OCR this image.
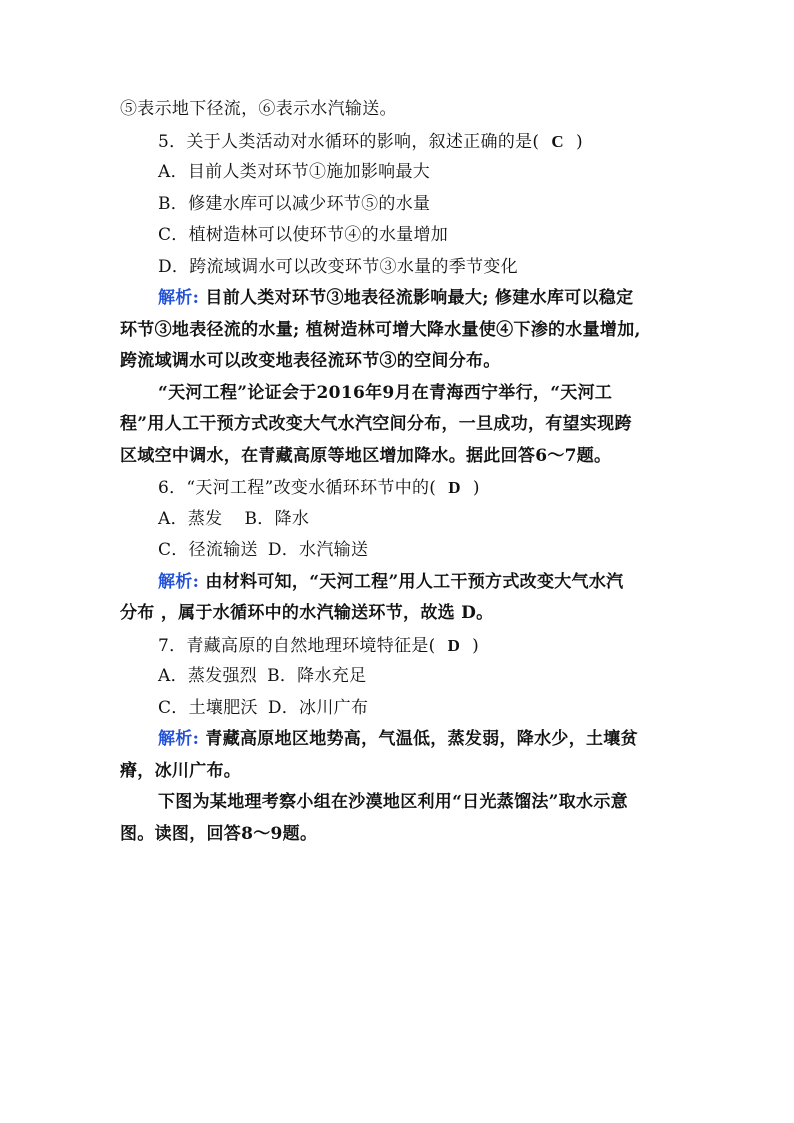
⑤表示地下径流，⑥表示水汽输送。
5．关于人类活动对水循环的影响，叙述正确的是( C )
A．目前人类对环节①施加影响最大
B．修建水库可以减少环节⑤的水量
C．植树造林可以使环节④的水量增加
D．跨流域调水可以改变环节③水量的季节变化
解析: 目前人类对环节③地表径流影响最大; 修建水库可以稳定
环节③地表径流的水量; 植树造林可增大降水量使④下渗的水量增加,
跨流域调水可以改变地表径流环节③的空间分布。
“天河工程”论证会于2016年9月在青海西宁举行，“天河工
程”用人工干预方式改变大气水汽空间分布，一旦成功，有望实现跨
区域空中调水，在青藏高原等地区增加降水。据此回答6～7题。
6．“天河工程”改变水循环环节中的( D )
A．蒸发 B．降水
C．径流输送 D．水汽输送
解析: 由材料可知，“天河工程”用人工干预方式改变大气水汽
分布 ，属于水循环中的水汽输送环节，故选 D。
7．青藏高原的自然地理环境特征是( D )
A．蒸发强烈 B．降水充足
C．土壤肥沃 D．冰川广布
解析: 青藏高原地区地势高，气温低，蒸发弱，降水少，土壤贫
瘠，冰川广布。
下图为某地理考察小组在沙漠地区利用“日光蒸馏法”取水示意
图。读图，回答8～9题。
